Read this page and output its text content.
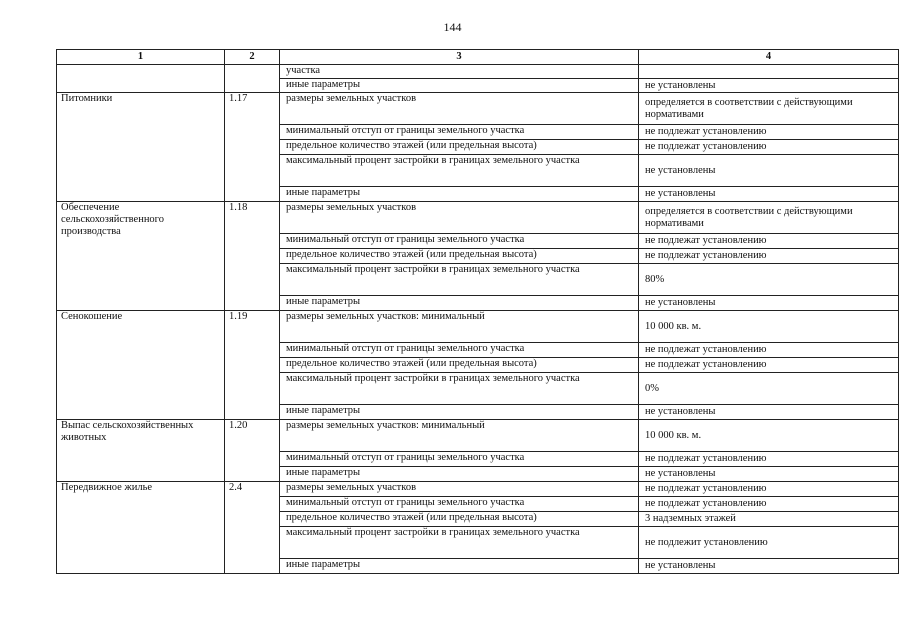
144
1	2	3	4
		участка	
		иные параметры	не установлены
Питомники	1.17	размеры земельных участков	определяется в соответствии с действующими нормативами
		минимальный отступ от границы земельного участка	не подлежат установлению
		предельное количество этажей (или предельная высота)	не подлежат установлению
		максимальный процент застройки в границах земельного участка	не установлены
		иные параметры	не установлены
Обеспечение сельскохозяйственного производства	1.18	размеры земельных участков	определяется в соответствии с действующими нормативами
		минимальный отступ от границы земельного участка	не подлежат установлению
		предельное количество этажей (или предельная высота)	не подлежат установлению
		максимальный процент застройки в границах земельного участка	80%
		иные параметры	не установлены
Сенокошение	1.19	размеры земельных участков: минимальный	10 000 кв. м.
		минимальный отступ от границы земельного участка	не подлежат установлению
		предельное количество этажей (или предельная высота)	не подлежат установлению
		максимальный процент застройки в границах земельного участка	0%
		иные параметры	не установлены
Выпас сельскохозяйственных животных	1.20	размеры земельных участков: минимальный	10 000 кв. м.
		минимальный отступ от границы земельного участка	не подлежат установлению
		иные параметры	не установлены
Передвижное жилье	2.4	размеры земельных участков	не подлежат установлению
		минимальный отступ от границы земельного участка	не подлежат установлению
		предельное количество этажей (или предельная высота)	3 надземных этажей
		максимальный процент застройки в границах земельного участка	не подлежит установлению
		иные параметры	не установлены
